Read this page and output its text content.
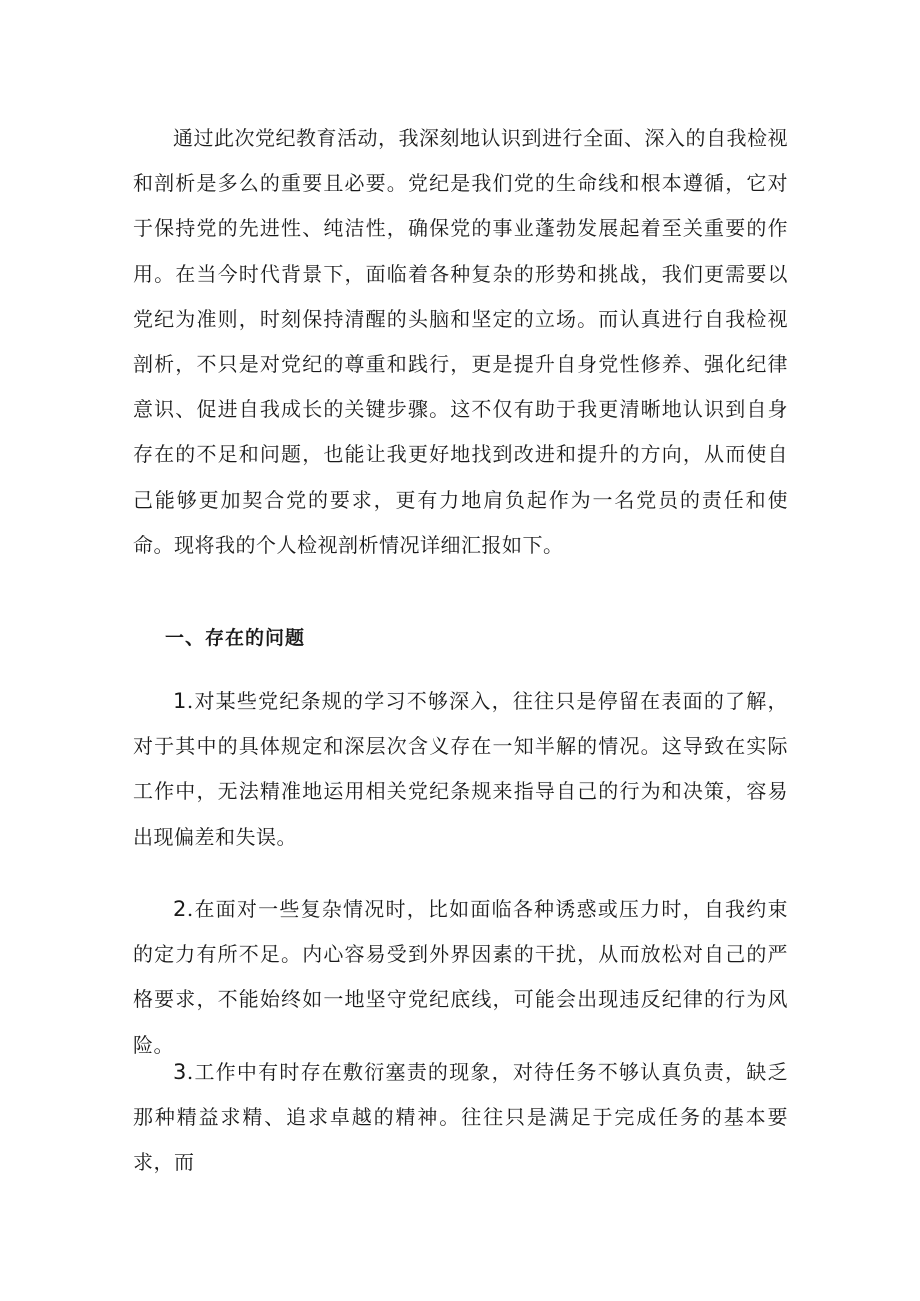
通过此次党纪教育活动，我深刻地认识到进行全面、深入的自我检视和剖析是多么的重要且必要。党纪是我们党的生命线和根本遵循，它对于保持党的先进性、纯洁性，确保党的事业蓬勃发展起着至关重要的作用。在当今时代背景下，面临着各种复杂的形势和挑战，我们更需要以党纪为准则，时刻保持清醒的头脑和坚定的立场。而认真进行自我检视剖析，不只是对党纪的尊重和践行，更是提升自身党性修养、强化纪律意识、促进自我成长的关键步骤。这不仅有助于我更清晰地认识到自身存在的不足和问题，也能让我更好地找到改进和提升的方向，从而使自己能够更加契合党的要求，更有力地肩负起作为一名党员的责任和使命。现将我的个人检视剖析情况详细汇报如下。

一、存在的问题

1.对某些党纪条规的学习不够深入，往往只是停留在表面的了解，对于其中的具体规定和深层次含义存在一知半解的情况。这导致在实际工作中，无法精准地运用相关党纪条规来指导自己的行为和决策，容易出现偏差和失误。

2.在面对一些复杂情况时，比如面临各种诱惑或压力时，自我约束的定力有所不足。内心容易受到外界因素的干扰，从而放松对自己的严格要求，不能始终如一地坚守党纪底线，可能会出现违反纪律的行为风险。

3.工作中有时存在敷衍塞责的现象，对待任务不够认真负责，缺乏那种精益求精、追求卓越的精神。往往只是满足于完成任务的基本要求，而
